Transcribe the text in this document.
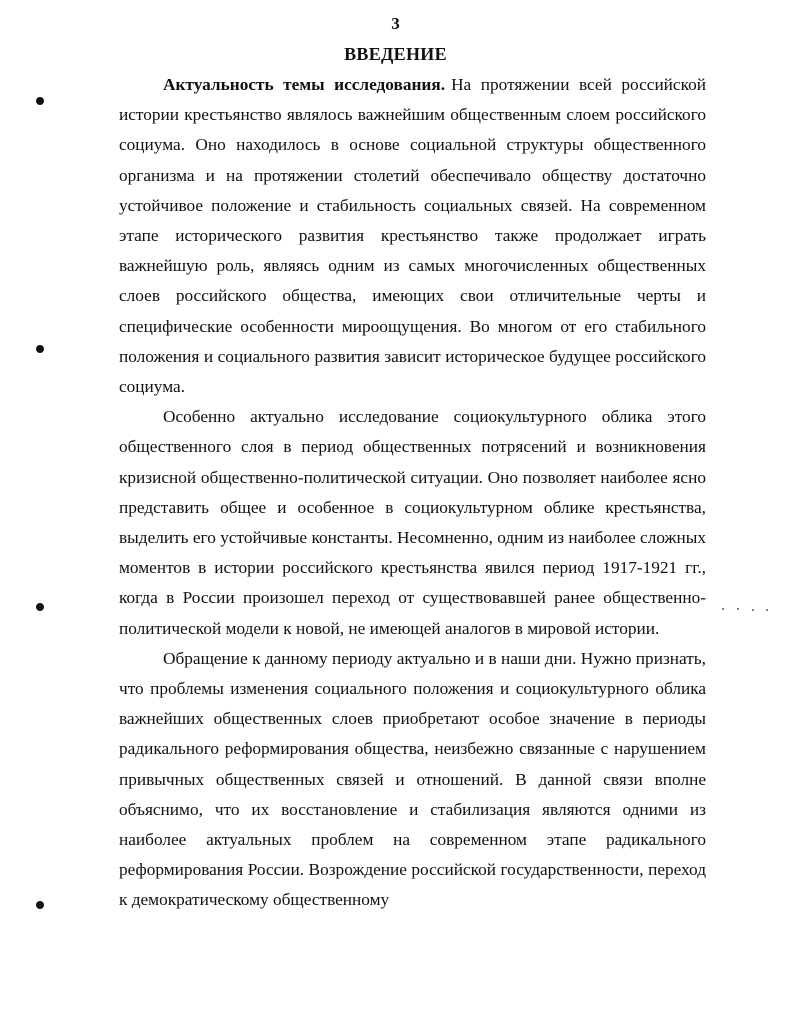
3
ВВЕДЕНИЕ

Актуальность темы исследования. На протяжении всей российской истории крестьянство являлось важнейшим общественным слоем российского социума. Оно находилось в основе социальной структуры общественного организма и на протяжении столетий обеспечивало обществу достаточно устойчивое положение и стабильность социальных связей. На современном этапе исторического развития крестьянство также продолжает играть важнейшую роль, являясь одним из самых многочисленных общественных слоев российского общества, имеющих свои отличительные черты и специфические особенности мироощущения. Во многом от его стабильного положения и социального развития зависит историческое будущее российского социума.

Особенно актуально исследование социокультурного облика этого общественного слоя в период общественных потрясений и возникновения кризисной общественно-политической ситуации. Оно позволяет наиболее ясно представить общее и особенное в социокультурном облике крестьянства, выделить его устойчивые константы. Несомненно, одним из наиболее сложных моментов в истории российского крестьянства явился период 1917-1921 гг., когда в России произошел переход от существовавшей ранее общественно-политической модели к новой, не имеющей аналогов в мировой истории.

Обращение к данному периоду актуально и в наши дни. Нужно признать, что проблемы изменения социального положения и социокультурного облика важнейших общественных слоев приобретают особое значение в периоды радикального реформирования общества, неизбежно связанные с нарушением привычных общественных связей и отношений. В данной связи вполне объяснимо, что их восстановление и стабилизация являются одними из наиболее актуальных проблем на современном этапе радикального реформирования России. Возрождение российской государственности, переход к демократическому общественному
